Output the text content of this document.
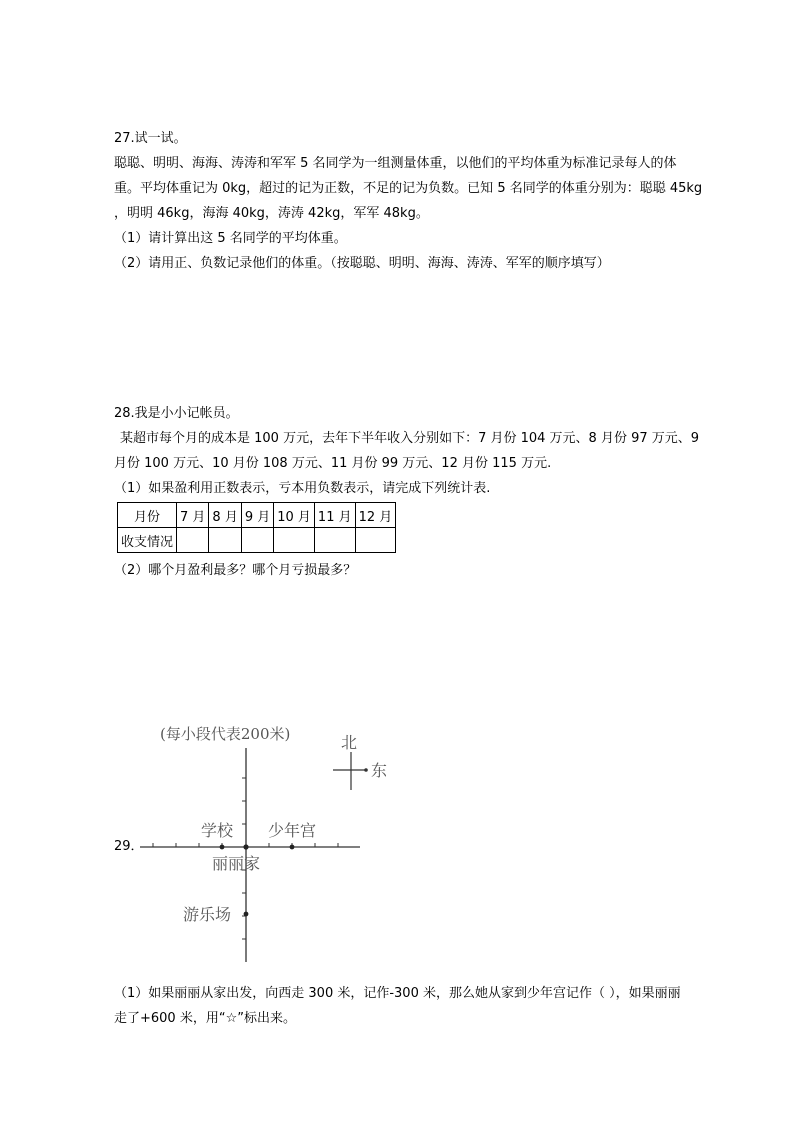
27.试一试。
聪聪、明明、海海、涛涛和军军 5 名同学为一组测量体重，以他们的平均体重为标准记录每人的体
重。平均体重记为 0kg，超过的记为正数，不足的记为负数。已知 5 名同学的体重分别为：聪聪 45kg
，明明 46kg，海海 40kg，涛涛 42kg，军军 48kg。
（1）请计算出这 5 名同学的平均体重。
（2）请用正、负数记录他们的体重。（按聪聪、明明、海海、涛涛、军军的顺序填写）
28.我是小小记帐员。
某超市每个月的成本是 100 万元，去年下半年收入分别如下：7 月份 104 万元、8 月份 97 万元、9
月份 100 万元、10 月份 108 万元、11 月份 99 万元、12 月份 115 万元.
（1）如果盈利用正数表示，亏本用负数表示，请完成下列统计表.
月份	7 月	8 月	9 月	10 月	11 月	12 月
收支情况						
（2）哪个月盈利最多？哪个月亏损最多？
(每小段代表200米)	北
东
学校 少年宫
丽丽家
游乐场
29．
（1）如果丽丽从家出发，向西走 300 米，记作-300 米，那么她从家到少年宫记作（ ），如果丽丽
走了+600 米，用“☆”标出来。
